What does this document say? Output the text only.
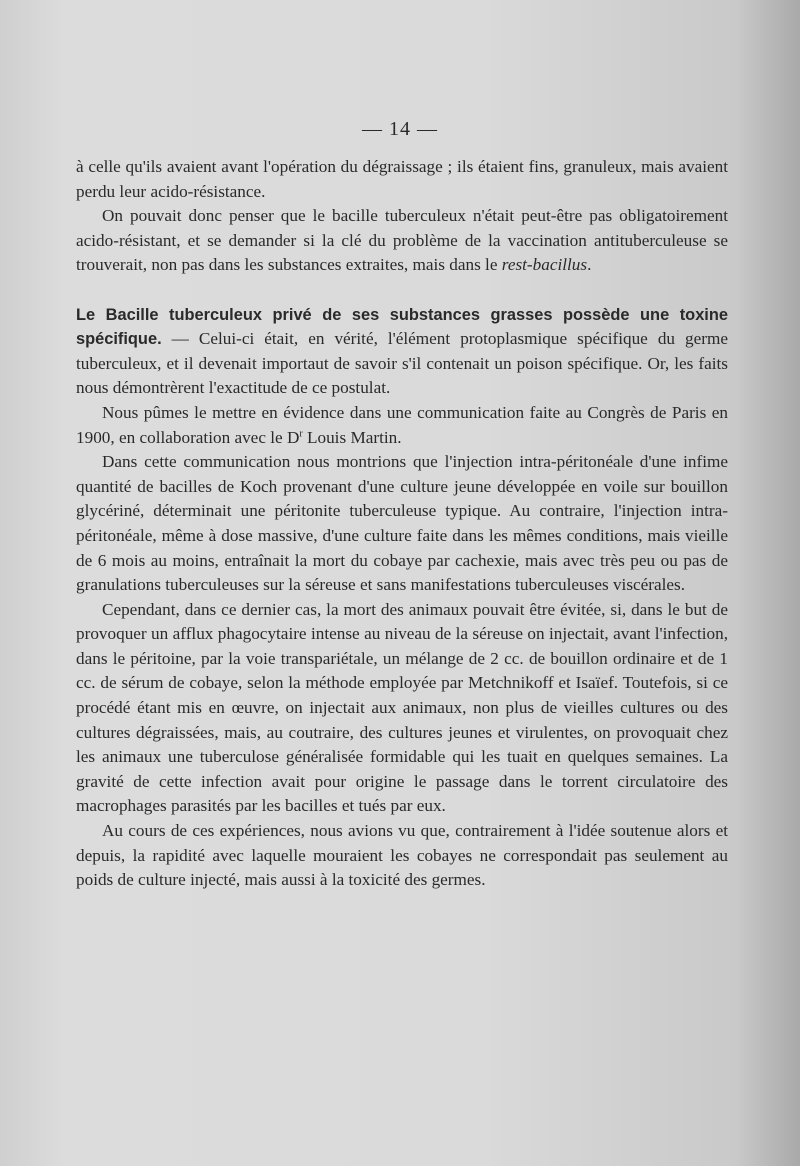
— 14 —

à celle qu'ils avaient avant l'opération du dégraissage ; ils étaient fins, granuleux, mais avaient perdu leur acido-résistance.

On pouvait donc penser que le bacille tuberculeux n'était peut-être pas obligatoirement acido-résistant, et se demander si la clé du problème de la vaccination antituberculeuse se trouverait, non pas dans les substances extraites, mais dans le rest-bacillus.

Le Bacille tuberculeux privé de ses substances grasses possède une toxine spécifique. — Celui-ci était, en vérité, l'élément protoplasmique spécifique du germe tuberculeux, et il devenait importaut de savoir s'il contenait un poison spécifique. Or, les faits nous démontrèrent l'exactitude de ce postulat.

Nous pûmes le mettre en évidence dans une communication faite au Congrès de Paris en 1900, en collaboration avec le $D^r$ Louis Martin.

Dans cette communication nous montrions que l'injection intra-péritonéale d'une infime quantité de bacilles de Koch provenant d'une culture jeune développée en voile sur bouillon glycériné, déterminait une péritonite tuberculeuse typique. Au contraire, l'injection intra-péritonéale, même à dose massive, d'une culture faite dans les mêmes conditions, mais vieille de 6 mois au moins, entraînait la mort du cobaye par cachexie, mais avec très peu ou pas de granulations tuberculeuses sur la séreuse et sans manifestations tuberculeuses viscérales.

Cependant, dans ce dernier cas, la mort des animaux pouvait être évitée, si, dans le but de provoquer un afflux phagocytaire intense au niveau de la séreuse on injectait, avant l'infection, dans le péritoine, par la voie transpariétale, un mélange de 2 cc. de bouillon ordinaire et de 1 cc. de sérum de cobaye, selon la méthode employée par Metchnikoff et Isaïef. Toutefois, si ce procédé étant mis en œuvre, on injectait aux animaux, non plus de vieilles cultures ou des cultures dégraissées, mais, au coutraire, des cultures jeunes et virulentes, on provoquait chez les animaux une tuberculose généralisée formidable qui les tuait en quelques semaines. La gravité de cette infection avait pour origine le passage dans le torrent circulatoire des macrophages parasités par les bacilles et tués par eux.

Au cours de ces expériences, nous avions vu que, contrairement à l'idée soutenue alors et depuis, la rapidité avec laquelle mouraient les cobayes ne correspondait pas seulement au poids de culture injecté, mais aussi à la toxicité des germes.
